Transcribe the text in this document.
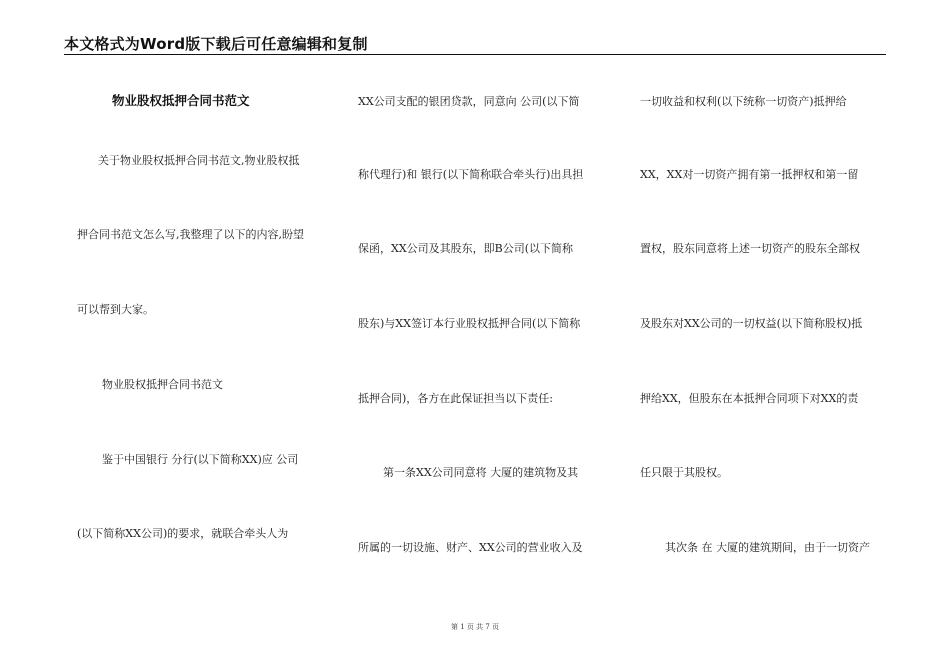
本文格式为Word版下载后可任意编辑和复制
物业股权抵押合同书范文
关于物业股权抵押合同书范文,物业股权抵
押合同书范文怎么写,我整理了以下的内容,盼望
可以帮到大家。
物业股权抵押合同书范文
鉴于中国银行 分行(以下简称XX)应 公司
(以下简称XX公司)的要求，就联合牵头人为
XX公司支配的银团贷款，同意向 公司(以下简
称代理行)和 银行(以下简称联合牵头行)出具担
保函，XX公司及其股东，即B公司(以下简称
股东)与XX签订本行业股权抵押合同(以下简称
抵押合同)，各方在此保证担当以下责任:
第一条XX公司同意将 大厦的建筑物及其
所属的一切设施、财产、XX公司的营业收入及
一切收益和权利(以下统称一切资产)抵押给
XX，XX对一切资产拥有第一抵押权和第一留
置权，股东同意将上述一切资产的股东全部权
及股东对XX公司的一切权益(以下简称股权)抵
押给XX，但股东在本抵押合同项下对XX的责
任只限于其股权。
其次条 在 大厦的建筑期间，由于一切资产
第 1 页 共 7 页
